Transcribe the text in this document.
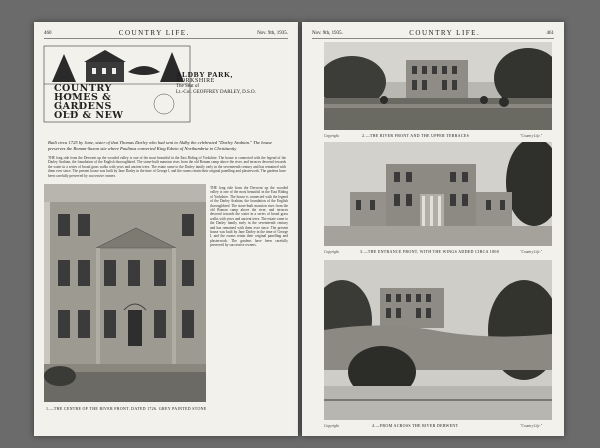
460	COUNTRY LIFE.	Nov. 9th, 1935.
COUNTRY
HOMES &
GARDENS
OLD & NEW
ALDBY PARK,
YORKSHIRE
The Seat of
Lt.-Col. GEOFFREY DARLEY, D.S.O.
Built circa 1725 by Jane, sister of that Thomas Darley who had sent to Aldby the celebrated "Darley Arabian." The house preserves the Roman-Saxon site where Paulinus converted King Edwin of Northumbria to Christianity
THE long ride from the Derwent up the wooded valley is one of the most beautiful in the East Riding of Yorkshire. The house is connected with the legend of the Darley Arabian, the foundation of the English thoroughbred. The stone-built mansion rises from the old Roman camp above the river, and terraces descend towards the water in a series of broad grass walks with yews and ancient trees. The estate came to the Darley family early in the seventeenth century and has remained with them ever since. The present house was built by Jane Darley in the time of George I, and the rooms retain their original panelling and plasterwork. The gardens have been carefully preserved by successive owners.
THE long ride from the Derwent up the wooded valley is one of the most beautiful in the East Riding of Yorkshire. The house is connected with the legend of the Darley Arabian, the foundation of the English thoroughbred. The stone-built mansion rises from the old Roman camp above the river, and terraces descend towards the water in a series of broad grass walks with yews and ancient trees. The estate came to the Darley family early in the seventeenth century and has remained with them ever since. The present house was built by Jane Darley in the time of George I, and the rooms retain their original panelling and plasterwork. The gardens have been carefully preserved by successive owners.
1.—THE CENTRE OF THE RIVER FRONT. DATED 1726. GREY PAINTED STONE
Nov. 9th, 1935.	COUNTRY LIFE.	461
Copyright.	2.—THE RIVER FRONT AND THE UPPER TERRACES	"Country Life."
Copyright.	3.—THE ENTRANCE FRONT, WITH THE WINGS ADDED CIRCA 1800	"Country Life."
Copyright.	4.—FROM ACROSS THE RIVER DERWENT	"Country Life."
